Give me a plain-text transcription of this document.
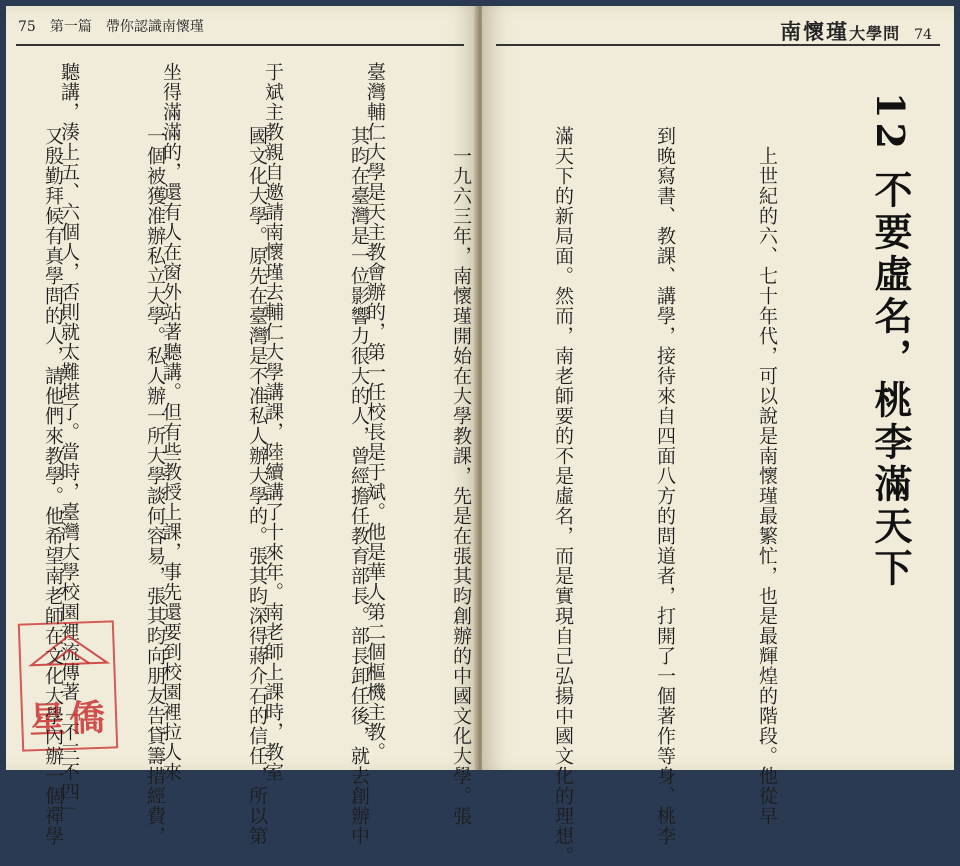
75 第一篇　帶你認識南懷瑾

臺灣輔仁大學是天主教會辦的，第一任校長是于斌。他是華人第二個樞機主教。

于斌主教親自邀請南懷瑾去輔仁大學講課，陸續講了十來年。南老師上課時，教室

坐得滿滿的，還有人在窗外站著聽講。但有些教授上課，事先還要到校園裡拉人來

聽講，湊上五、六個人，否則就太難堪了。當時，臺灣大學校園裡流傳著「不三不四」

星僑
南懷瑾大學問 74
12 不要虛名，桃李滿天下

　上世紀的六、七十年代，可以說是南懷瑾最繁忙，也是最輝煌的階段。他從早

到晚寫書、教課、講學，接待來自四面八方的問道者，打開了一個著作等身、桃李

滿天下的新局面。然而，南老師要的不是虛名，而是實現自己弘揚中國文化的理想。

　一九六三年，南懷瑾開始在大學教課，先是在張其昀創辦的中國文化大學。張

其昀在臺灣是一位影響力很大的人，曾經擔任教育部長。部長卸任後，就去創辦中

國文化大學。原先在臺灣是不准私人辦大學的。張其昀深得蔣介石的信任，所以第

一個被獲准辦私立大學。私人辦一所大學談何容易，張其昀向朋友告貸籌措經費，

又殷勤拜候有真學問的人，請他們來教學。他希望南老師在文化大學內辦一個禪學
